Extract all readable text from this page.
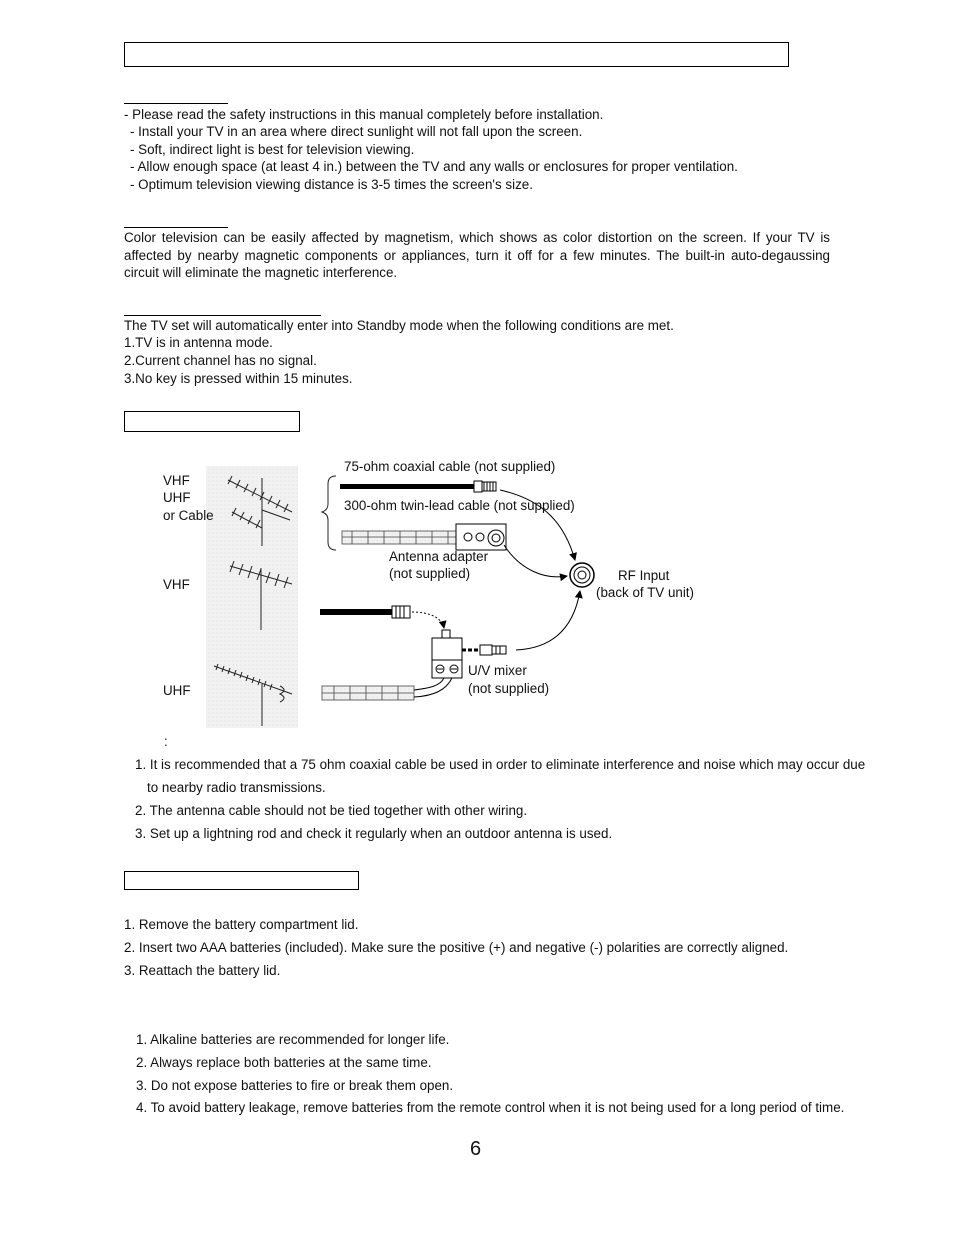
- Please read the safety instructions in this manual completely before installation.
- Install your TV in an area where direct sunlight will not fall upon the screen.
- Soft, indirect light is best for television viewing.
- Allow enough space (at least 4 in.) between the TV and any walls or enclosures for proper ventilation.
- Optimum television viewing distance is 3-5 times the screen's size.
Color television can be easily affected by magnetism, which shows as color distortion on the screen. If your TV is affected by nearby magnetic components or appliances, turn it off for a few minutes. The built-in auto-degaussing circuit will eliminate the magnetic interference.
The TV set will automatically enter into Standby mode when the following conditions are met.
1.TV is in antenna mode.
2.Current channel has no signal.
3.No key is pressed within 15 minutes.
VHF
UHF
or Cable
VHF
UHF
75-ohm coaxial cable (not supplied)
300-ohm twin-lead cable (not supplied)
Antenna adapter
(not supplied)	RF Input
(back of TV unit)
U/V mixer
(not supplied)
:
1. It is recommended that a 75 ohm coaxial cable be used in order to eliminate interference and noise which may occur due
to nearby radio transmissions.
2. The antenna cable should not be tied together with other wiring.
3. Set up a lightning rod and check it regularly when an outdoor antenna is used.
1. Remove the battery compartment lid.
2. Insert two AAA batteries (included). Make sure the positive (+) and negative (-) polarities are correctly aligned.
3. Reattach the battery lid.
1. Alkaline batteries are recommended for longer life.
2. Always replace both batteries at the same time.
3. Do not expose batteries to fire or break them open.
4. To avoid battery leakage, remove batteries from the remote control when it is not being used for a long period of time.
6
